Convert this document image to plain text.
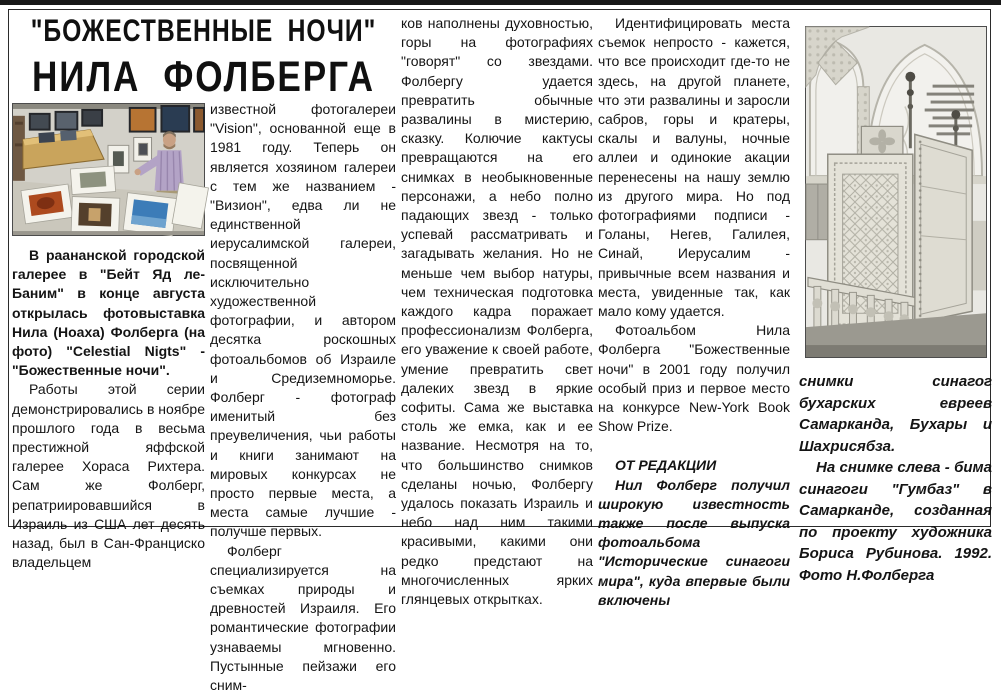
"БОЖЕСТВЕННЫЕ НОЧИ"
НИЛА ФОЛБЕРГА

В раананской городской галерее в "Бейт Яд ле-Баним" в конце августа открылась фотовыставка Нила (Ноаха) Фолберга (на фото) "Celestial Nigts" - "Божественные ночи".

Работы этой серии демонстрировались в ноябре прошлого года в весьма престижной яффской галерее Хораса Рихтера. Сам же Фолберг, репатриировавшийся в Израиль из США лет десять назад, был в Сан-Франциско владельцем

известной фотогалереи "Vision", основанной еще в 1981 году. Теперь он является хозяином галереи с тем же названием - "Визион", едва ли не единственной иерусалимской галереи, посвященной исключительно художественной фотографии, и автором десятка роскошных фотоальбомов об Израиле и Средиземноморье. Фолберг - фотограф именитый без преувеличения, чьи работы и книги занимают на мировых конкурсах не просто первые места, а места самые лучшие - получше первых.

Фолберг специализируется на съемках природы и древностей Израиля. Его романтические фотографии узнаваемы мгновенно. Пустынные пейзажи его сним-

ков наполнены духовностью, горы на фотографиях "говорят" со звездами. Фолбергу удается превратить обычные развалины в мистерию, сказку. Колючие кактусы превращаются на его снимках в необыкновенные персонажи, а небо полно падающих звезд - только успевай рассматривать и загадывать желания. Но не меньше чем выбор натуры, чем техническая подготовка каждого кадра поражает профессионализм Фолберга, его уважение к своей работе, умение превратить свет далеких звезд в яркие софиты. Сама же выставка столь же емка, как и ее название. Несмотря на то, что большинство снимков сделаны ночью, Фолбергу удалось показать Израиль и небо над ним такими красивыми, какими они редко предстают на многочисленных ярких глянцевых открытках.

Идентифицировать места съемок непросто - кажется, что все происходит где-то не здесь, на другой планете, что эти развалины и заросли сабров, горы и кратеры, скалы и валуны, ночные аллеи и одинокие акации перенесены на нашу землю из другого мира. Но под фотографиями подписи - Голаны, Негев, Галилея, Синай, Иерусалим - привычные всем названия и места, увиденные так, как мало кому удается.

Фотоальбом Нила Фолберга "Божественные ночи" в 2001 году получил особый приз и первое место на конкурсе New-York Book Show Prize.

ОТ РЕДАКЦИИ

Нил Фолберг получил широкую известность также после выпуска фотоальбома "Исторические синагоги мира", куда впервые были включены

снимки синагог бухарских евреев Самарканда, Бухары и Шахрисябза.

На снимке слева - бима синагоги "Гумбаз" в Самарканде, созданная по проекту художника Бориса Рубинова. 1992. Фото Н.Фолберга
